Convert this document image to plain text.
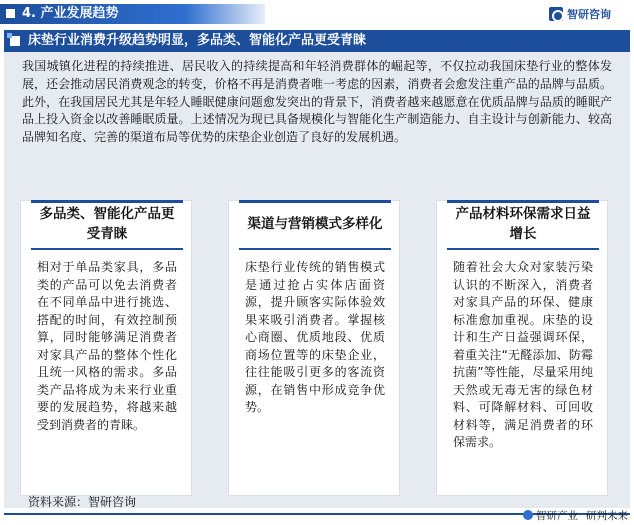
4. 产业发展趋势	智研咨询
床垫行业消费升级趋势明显，多品类、智能化产品更受青睐
我国城镇化进程的持续推进、居民收入的持续提高和年轻消费群体的崛起等，不仅拉动我国床垫行业的整体发展，还会推动居民消费观念的转变，价格不再是消费者唯一考虑的因素，消费者会愈发注重产品的品牌与品质。此外，在我国居民尤其是年轻人睡眠健康问题愈发突出的背景下，消费者越来越愿意在优质品牌与品质的睡眠产品上投入资金以改善睡眠质量。上述情况为现已具备规模化与智能化生产制造能力、自主设计与创新能力、较高品牌知名度、完善的渠道布局等优势的床垫企业创造了良好的发展机遇。
多品类、智能化产品更受青睐
相对于单品类家具，多品类的产品可以免去消费者在不同单品中进行挑选、搭配的时间，有效控制预算，同时能够满足消费者对家具产品的整体个性化且统一风格的需求。多品类产品将成为未来行业重要的发展趋势，将越来越受到消费者的青睐。
渠道与营销模式多样化
床垫行业传统的销售模式是通过抢占实体店面资源，提升顾客实际体验效果来吸引消费者。掌握核心商圈、优质地段、优质商场位置等的床垫企业，往往能吸引更多的客流资源，在销售中形成竞争优势。
产品材料环保需求日益增长
随着社会大众对家装污染认识的不断深入，消费者对家具产品的环保、健康标准愈加重视。床垫的设计和生产日益强调环保，着重关注“无醛添加、防霉抗菌”等性能，尽量采用纯天然或无毒无害的绿色材料、可降解材料、可回收材料等，满足消费者的环保需求。
资料来源：智研咨询
智研产业 研判未来
